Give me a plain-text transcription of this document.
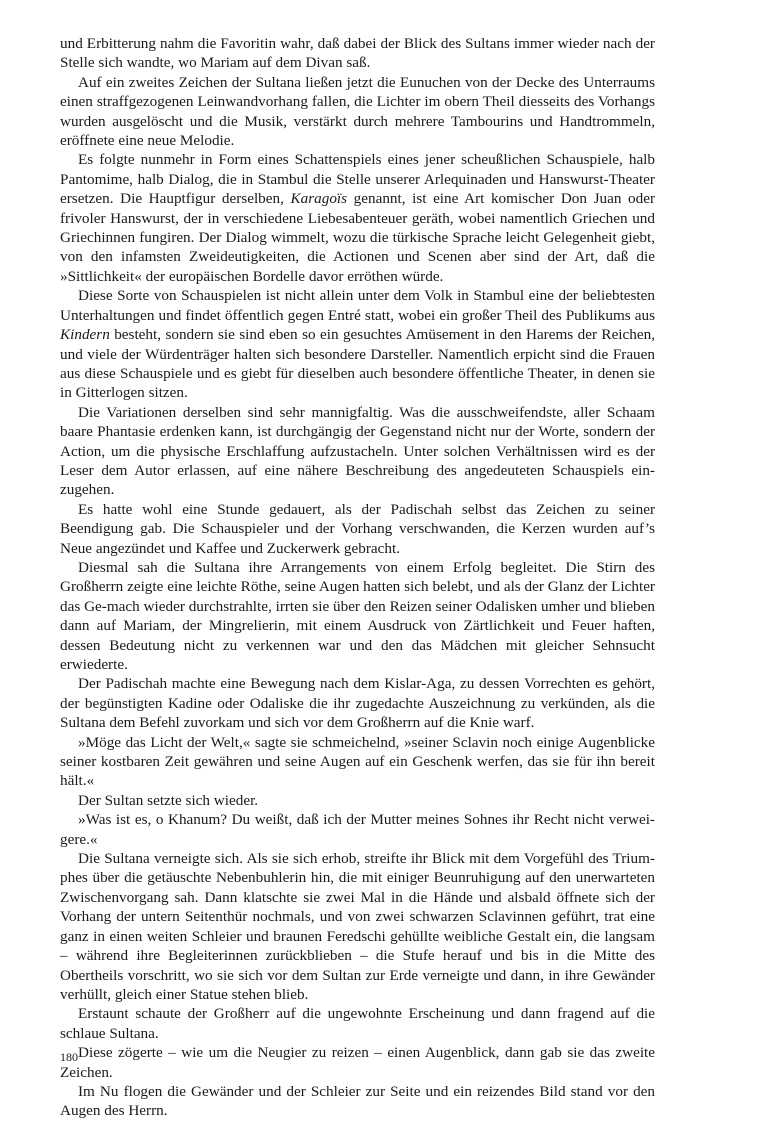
und Erbitterung nahm die Favoritin wahr, daß dabei der Blick des Sultans immer wieder nach der Stelle sich wandte, wo Mariam auf dem Divan saß.

Auf ein zweites Zeichen der Sultana ließen jetzt die Eunuchen von der Decke des Unterraums einen straffgezogenen Leinwandvorhang fallen, die Lichter im obern Theil diesseits des Vorhangs wurden ausgelöscht und die Musik, verstärkt durch mehrere Tambourins und Handtrommeln, eröffnete eine neue Melodie.

Es folgte nunmehr in Form eines Schattenspiels eines jener scheußlichen Schauspiele, halb Pantomime, halb Dialog, die in Stambul die Stelle unserer Arlequinaden und Hanswurst-Theater ersetzen. Die Hauptfigur derselben, Karagoïs genannt, ist eine Art komischer Don Juan oder frivoler Hanswurst, der in verschiedene Liebesabenteuer geräth, wobei namentlich Griechen und Griechinnen fungiren. Der Dialog wimmelt, wozu die türkische Sprache leicht Gelegenheit giebt, von den infamsten Zweideutigkeiten, die Actionen und Scenen aber sind der Art, daß die »Sittlichkeit« der europäischen Bordelle davor erröthen würde.

Diese Sorte von Schauspielen ist nicht allein unter dem Volk in Stambul eine der beliebtesten Unterhaltungen und findet öffentlich gegen Entré statt, wobei ein großer Theil des Publikums aus Kindern besteht, sondern sie sind eben so ein gesuchtes Amüsement in den Harems der Reichen, und viele der Würdenträger halten sich besondere Darsteller. Namentlich erpicht sind die Frauen aus diese Schauspiele und es giebt für dieselben auch besondere öffentliche Theater, in denen sie in Gitterlogen sitzen.

Die Variationen derselben sind sehr mannigfaltig. Was die ausschweifendste, aller Schaam baare Phantasie erdenken kann, ist durchgängig der Gegenstand nicht nur der Worte, sondern der Action, um die physische Erschlaffung aufzustacheln. Unter solchen Verhältnissen wird es der Leser dem Autor erlassen, auf eine nähere Beschreibung des angedeuteten Schauspiels ein-zugehen.

Es hatte wohl eine Stunde gedauert, als der Padischah selbst das Zeichen zu seiner Beendigung gab. Die Schauspieler und der Vorhang verschwanden, die Kerzen wurden auf’s Neue angezündet und Kaffee und Zuckerwerk gebracht.

Diesmal sah die Sultana ihre Arrangements von einem Erfolg begleitet. Die Stirn des Großherrn zeigte eine leichte Röthe, seine Augen hatten sich belebt, und als der Glanz der Lichter das Ge-mach wieder durchstrahlte, irrten sie über den Reizen seiner Odalisken umher und blieben dann auf Mariam, der Mingrelierin, mit einem Ausdruck von Zärtlichkeit und Feuer haften, dessen Bedeutung nicht zu verkennen war und den das Mädchen mit gleicher Sehnsucht erwiederte.

Der Padischah machte eine Bewegung nach dem Kislar-Aga, zu dessen Vorrechten es gehört, der begünstigten Kadine oder Odaliske die ihr zugedachte Auszeichnung zu verkünden, als die Sultana dem Befehl zuvorkam und sich vor dem Großherrn auf die Knie warf.

»Möge das Licht der Welt,« sagte sie schmeichelnd, »seiner Sclavin noch einige Augenblicke seiner kostbaren Zeit gewähren und seine Augen auf ein Geschenk werfen, das sie für ihn bereit hält.«

Der Sultan setzte sich wieder.

»Was ist es, o Khanum? Du weißt, daß ich der Mutter meines Sohnes ihr Recht nicht verwei-gere.«

Die Sultana verneigte sich. Als sie sich erhob, streifte ihr Blick mit dem Vorgefühl des Trium-phes über die getäuschte Nebenbuhlerin hin, die mit einiger Beunruhigung auf den unerwarteten Zwischenvorgang sah. Dann klatschte sie zwei Mal in die Hände und alsbald öffnete sich der Vorhang der untern Seitenthür nochmals, und von zwei schwarzen Sclavinnen geführt, trat eine ganz in einen weiten Schleier und braunen Feredschi gehüllte weibliche Gestalt ein, die langsam – während ihre Begleiterinnen zurückblieben – die Stufe herauf und bis in die Mitte des Obertheils vorschritt, wo sie sich vor dem Sultan zur Erde verneigte und dann, in ihre Gewänder verhüllt, gleich einer Statue stehen blieb.

Erstaunt schaute der Großherr auf die ungewohnte Erscheinung und dann fragend auf die schlaue Sultana.

Diese zögerte – wie um die Neugier zu reizen – einen Augenblick, dann gab sie das zweite Zeichen.

Im Nu flogen die Gewänder und der Schleier zur Seite und ein reizendes Bild stand vor den Augen des Herrn.

180
